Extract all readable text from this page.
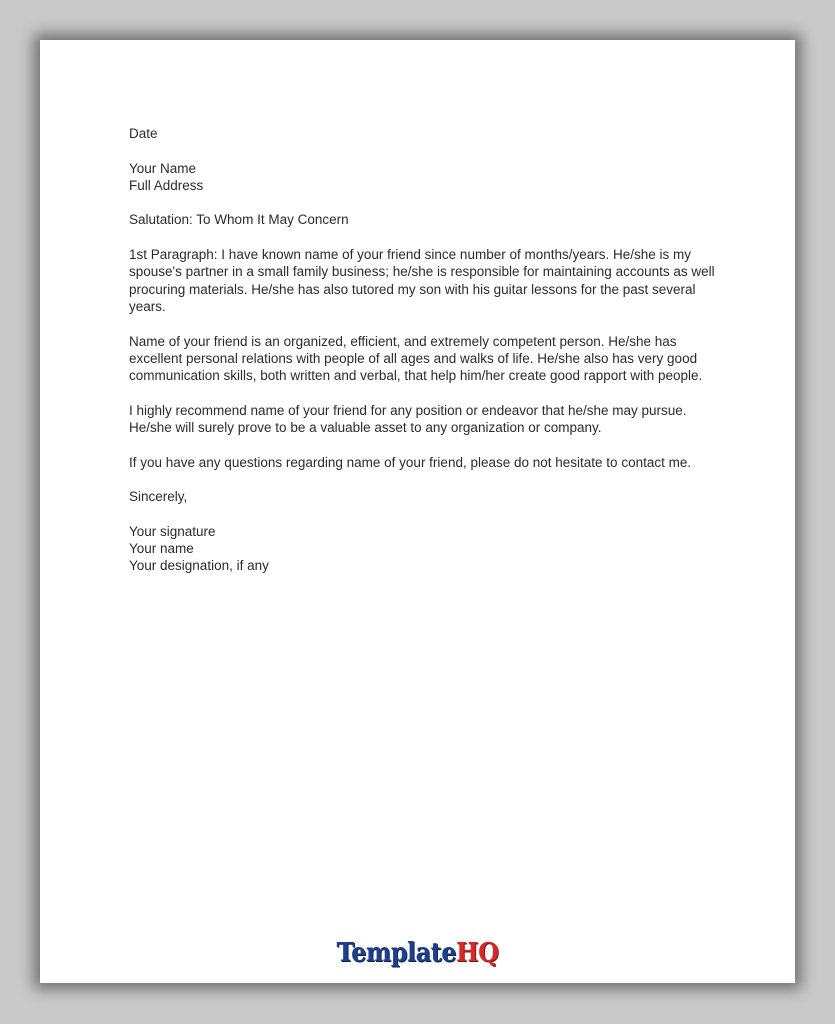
Date

Your Name
Full Address

Salutation: To Whom It May Concern

1st Paragraph: I have known name of your friend since number of months/years. He/she is my spouse's partner in a small family business; he/she is responsible for maintaining accounts as well procuring materials. He/she has also tutored my son with his guitar lessons for the past several years.

Name of your friend is an organized, efficient, and extremely competent person. He/she has excellent personal relations with people of all ages and walks of life. He/she also has very good communication skills, both written and verbal, that help him/her create good rapport with people.

I highly recommend name of your friend for any position or endeavor that he/she may pursue. He/she will surely prove to be a valuable asset to any organization or company.

If you have any questions regarding name of your friend, please do not hesitate to contact me.

Sincerely,

Your signature
Your name
Your designation, if any

TemplateHQ
